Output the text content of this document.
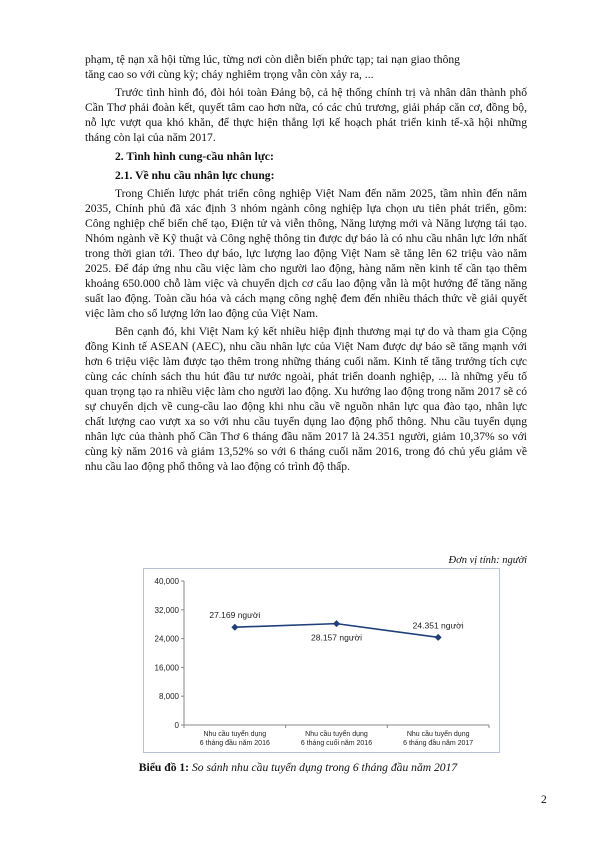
phạm, tệ nạn xã hội từng lúc, từng nơi còn diễn biến phức tạp; tai nạn giao thông

tăng cao so với cùng kỳ; cháy nghiêm trọng vẫn còn xảy ra, ...

Trước tình hình đó, đòi hỏi toàn Đảng bộ, cả hệ thống chính trị và nhân dân thành phố Cần Thơ phải đoàn kết, quyết tâm cao hơn nữa, có các chủ trương, giải pháp căn cơ, đồng bộ, nỗ lực vượt qua khó khăn, để thực hiện thắng lợi kế hoạch phát triển kinh tế-xã hội những tháng còn lại của năm 2017.

2. Tình hình cung-cầu nhân lực:

2.1. Về nhu cầu nhân lực chung:

Trong Chiến lược phát triển công nghiệp Việt Nam đến năm 2025, tầm nhìn đến năm 2035, Chính phủ đã xác định 3 nhóm ngành công nghiệp lựa chọn ưu tiên phát triển, gồm: Công nghiệp chế biến chế tạo, Điện tử và viễn thông, Năng lượng mới và Năng lượng tái tạo. Nhóm ngành về Kỹ thuật và Công nghệ thông tin được dự báo là có nhu cầu nhân lực lớn nhất trong thời gian tới. Theo dự báo, lực lượng lao động Việt Nam sẽ tăng lên 62 triệu vào năm 2025. Để đáp ứng nhu cầu việc làm cho người lao động, hàng năm nền kinh tế cần tạo thêm khoảng 650.000 chỗ làm việc và chuyển dịch cơ cấu lao động vẫn là một hướng để tăng năng suất lao động. Toàn cầu hóa và cách mạng công nghệ đem đến nhiều thách thức về giải quyết việc làm cho số lượng lớn lao động của Việt Nam.

Bên cạnh đó, khi Việt Nam ký kết nhiều hiệp định thương mại tự do và tham gia Cộng đồng Kinh tế ASEAN (AEC), nhu cầu nhân lực của Việt Nam được dự báo sẽ tăng mạnh với hơn 6 triệu việc làm được tạo thêm trong những tháng cuối năm. Kinh tế tăng trưởng tích cực cùng các chính sách thu hút đầu tư nước ngoài, phát triển doanh nghiệp, ... là những yếu tố quan trọng tạo ra nhiều việc làm cho người lao động. Xu hướng lao động trong năm 2017 sẽ có sự chuyển dịch về cung-cầu lao động khi nhu cầu về nguồn nhân lực qua đào tạo, nhân lực chất lượng cao vượt xa so với nhu cầu tuyển dụng lao động phổ thông. Nhu cầu tuyển dụng nhân lực của thành phố Cần Thơ 6 tháng đầu năm 2017 là 24.351 người, giảm 10,37% so với cùng kỳ năm 2016 và giảm 13,52% so với 6 tháng cuối năm 2016, trong đó chủ yếu giảm về nhu cầu lao động phổ thông và lao động có trình độ thấp.

Đơn vị tính: người
0
8,000
16,000
24,000
32,000
40,000
Nhu cầu tuyển dụng 6 tháng đầu năm 2016
Nhu cầu tuyển dụng 6 tháng cuối năm 2016
Nhu cầu tuyển dụng 6 tháng đầu năm 2017
27.169 người
28.157 người
24.351 người
Biểu đồ 1: So sánh nhu cầu tuyển dụng trong 6 tháng đầu năm 2017
2
